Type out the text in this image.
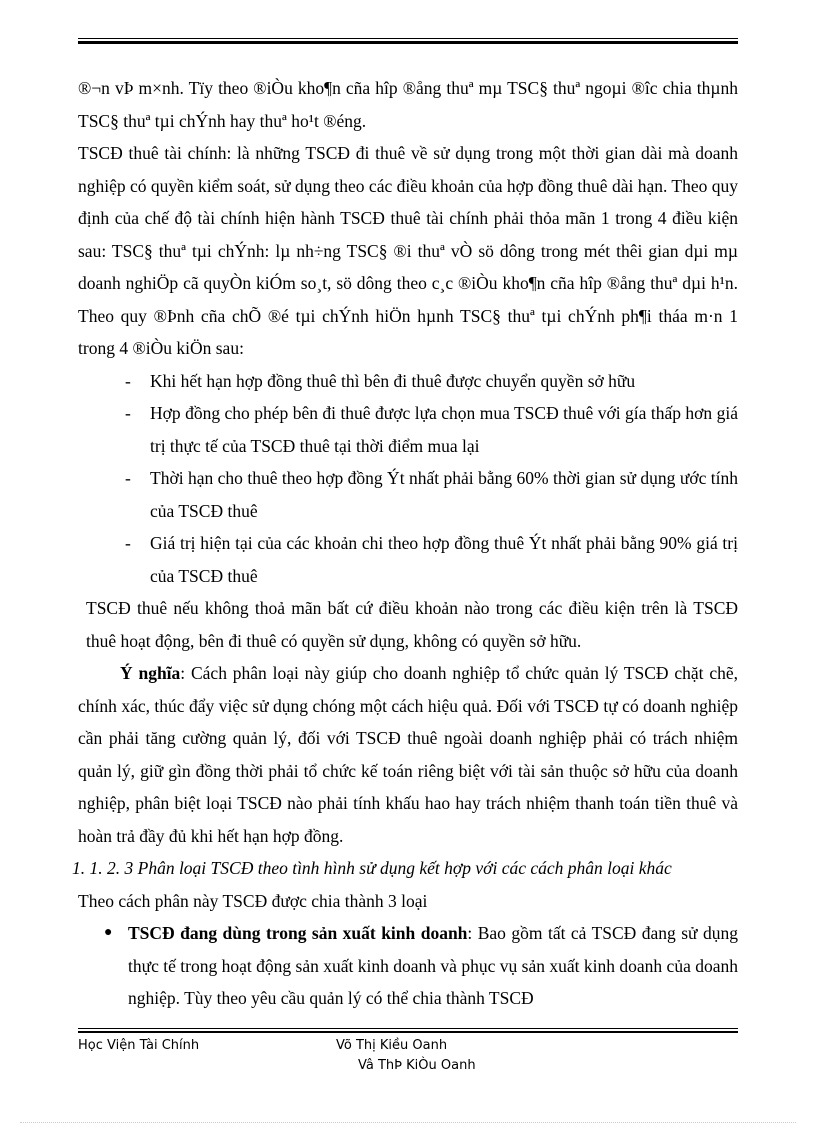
®¬n vÞ m×nh. Tïy theo ®iÒu kho¶n cña hîp ®ång thuª mµ TSC§ thuª ngoµi ®îc chia thµnh TSC§ thuª tµi chÝnh hay thuª ho¹t ®éng.

TSCĐ thuê tài chính: là những TSCĐ đi thuê về sử dụng trong một thời gian dài mà doanh nghiệp có quyền kiểm soát, sử dụng theo các điều khoản của hợp đồng thuê dài hạn. Theo quy định của chế độ tài chính hiện hành TSCĐ thuê tài chính phải thỏa mãn 1 trong 4 điều kiện sau: TSC§ thuª tµi chÝnh: lµ nh÷ng TSC§ ®i thuª vÒ sö dông trong mét thêi gian dµi mµ doanh nghiÖp cã quyÒn kiÓm so¸t, sö dông theo c¸c ®iÒu kho¶n cña hîp ®ång thuª dµi h¹n. Theo quy ®Þnh cña chÕ ®é tµi chÝnh hiÖn hµnh TSC§ thuª tµi chÝnh ph¶i tháa m·n 1 trong 4 ®iÒu kiÖn sau:

- Khi hết hạn hợp đồng thuê thì bên đi thuê được chuyển quyền sở hữu
- Hợp đồng cho phép bên đi thuê được lựa chọn mua TSCĐ thuê với gía thấp hơn giá trị thực tế của TSCĐ thuê tại thời điểm mua lại
- Thời hạn cho thuê theo hợp đồng Ýt nhất phải bằng 60% thời gian sử dụng ước tính của TSCĐ thuê
- Giá trị hiện tại của các khoản chi theo hợp đồng thuê Ýt nhất phải bằng 90% giá trị của TSCĐ thuê

TSCĐ thuê nếu không thoả mãn bất cứ điều khoản nào trong các điều kiện trên là TSCĐ thuê hoạt động, bên đi thuê có quyền sử dụng, không có quyền sở hữu.

Ý nghĩa: Cách phân loại này giúp cho doanh nghiệp tổ chức quản lý TSCĐ chặt chẽ, chính xác, thúc đẩy việc sử dụng chóng một cách hiệu quả. Đối với TSCĐ tự có doanh nghiệp cần phải tăng cường quản lý, đối với TSCĐ thuê ngoài doanh nghiệp phải có trách nhiệm quản lý, giữ gìn đồng thời phải tổ chức kế toán riêng biệt với tài sản thuộc sở hữu của doanh nghiệp, phân biệt loại TSCĐ nào phải tính khấu hao hay trách nhiệm thanh toán tiền thuê và hoàn trả đầy đủ khi hết hạn hợp đồng.

1. 1. 2. 3 Phân loại TSCĐ theo tình hình sử dụng kết hợp với các cách phân loại khác

Theo cách phân này TSCĐ được chia thành 3 loại

● TSCĐ đang dùng trong sản xuất kinh doanh: Bao gồm tất cả TSCĐ đang sử dụng thực tế trong hoạt động sản xuất kinh doanh và phục vụ sản xuất kinh doanh của doanh nghiệp. Tùy theo yêu cầu quản lý có thể chia thành TSCĐ
Học Viện Tài Chính	Võ Thị Kiều Oanh
Vâ ThÞ KiÒu Oanh
